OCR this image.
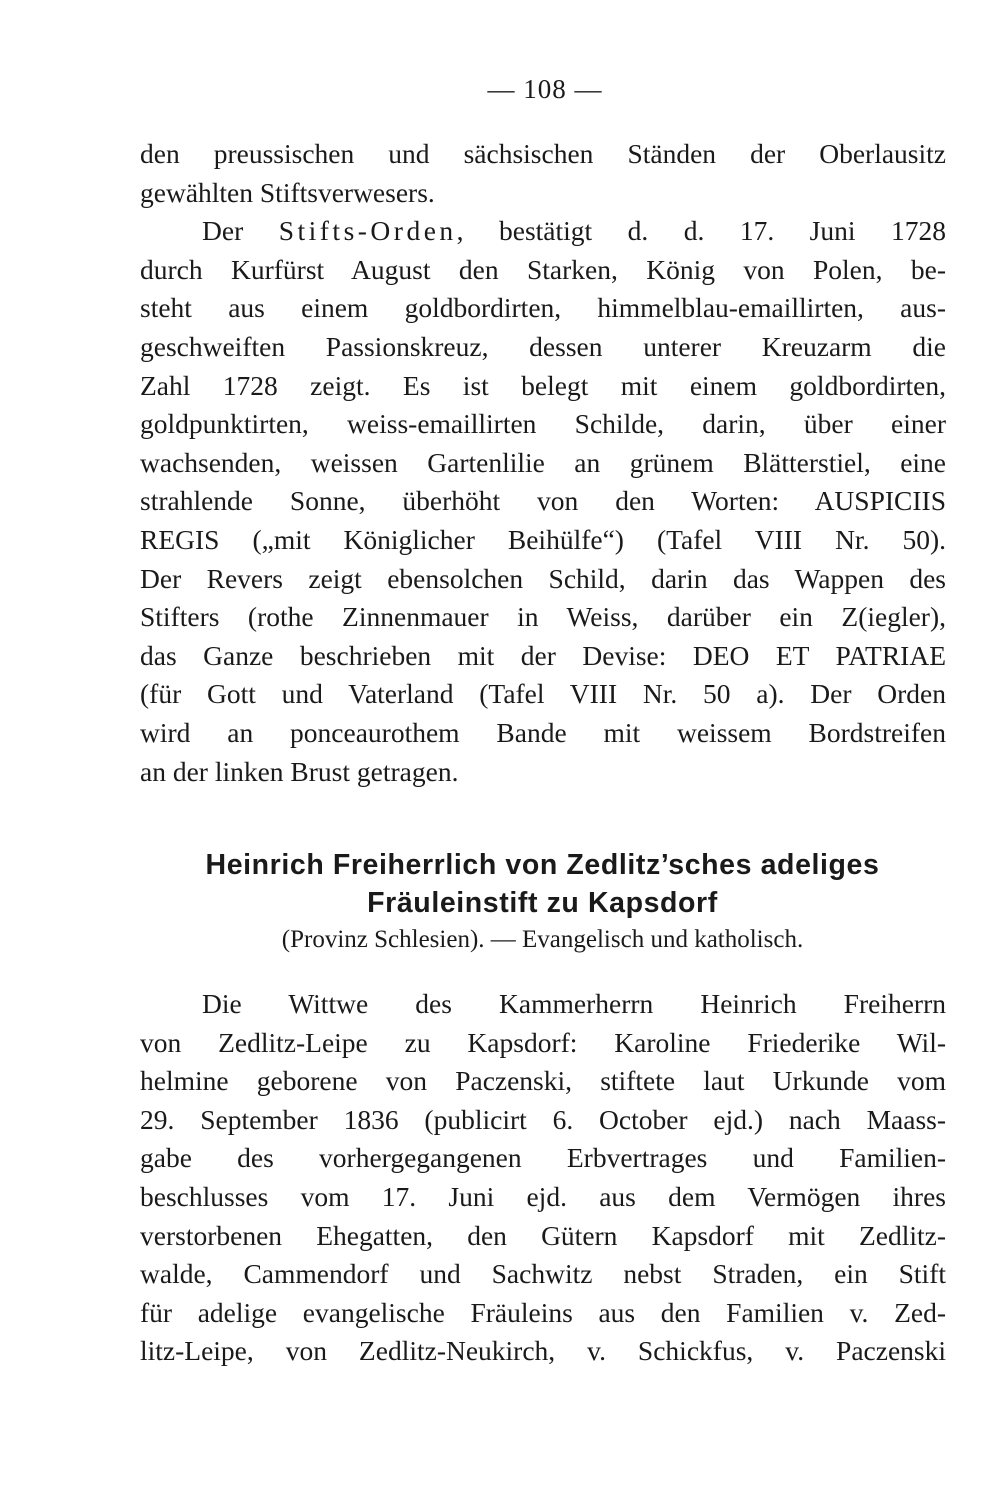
— 108 —
den preussischen und sächsischen Ständen der Oberlausitz
gewählten Stiftsverwesers.
Der Stifts-Orden, bestätigt d. d. 17. Juni 1728
durch Kurfürst August den Starken, König von Polen, be-
steht aus einem goldbordirten, himmelblau-emaillirten, aus-
geschweiften Passionskreuz, dessen unterer Kreuzarm die
Zahl 1728 zeigt. Es ist belegt mit einem goldbordirten,
goldpunktirten, weiss-emaillirten Schilde, darin, über einer
wachsenden, weissen Gartenlilie an grünem Blätterstiel, eine
strahlende Sonne, überhöht von den Worten: AUSPICIIS
REGIS („mit Königlicher Beihülfe“) (Tafel VIII Nr. 50).
Der Revers zeigt ebensolchen Schild, darin das Wappen des
Stifters (rothe Zinnenmauer in Weiss, darüber ein Z(iegler),
das Ganze beschrieben mit der Devise: DEO ET PATRIAE
(für Gott und Vaterland (Tafel VIII Nr. 50 a). Der Orden
wird an ponceaurothem Bande mit weissem Bordstreifen
an der linken Brust getragen.
Heinrich Freiherrlich von Zedlitz’sches adeliges
Fräuleinstift zu Kapsdorf
(Provinz Schlesien). — Evangelisch und katholisch.
Die Wittwe des Kammerherrn Heinrich Freiherrn
von Zedlitz-Leipe zu Kapsdorf: Karoline Friederike Wil-
helmine geborene von Paczenski, stiftete laut Urkunde vom
29. September 1836 (publicirt 6. October ejd.) nach Maass-
gabe des vorhergegangenen Erbvertrages und Familien-
beschlusses vom 17. Juni ejd. aus dem Vermögen ihres
verstorbenen Ehegatten, den Gütern Kapsdorf mit Zedlitz-
walde, Cammendorf und Sachwitz nebst Straden, ein Stift
für adelige evangelische Fräuleins aus den Familien v. Zed-
litz-Leipe, von Zedlitz-Neukirch, v. Schickfus, v. Paczenski
